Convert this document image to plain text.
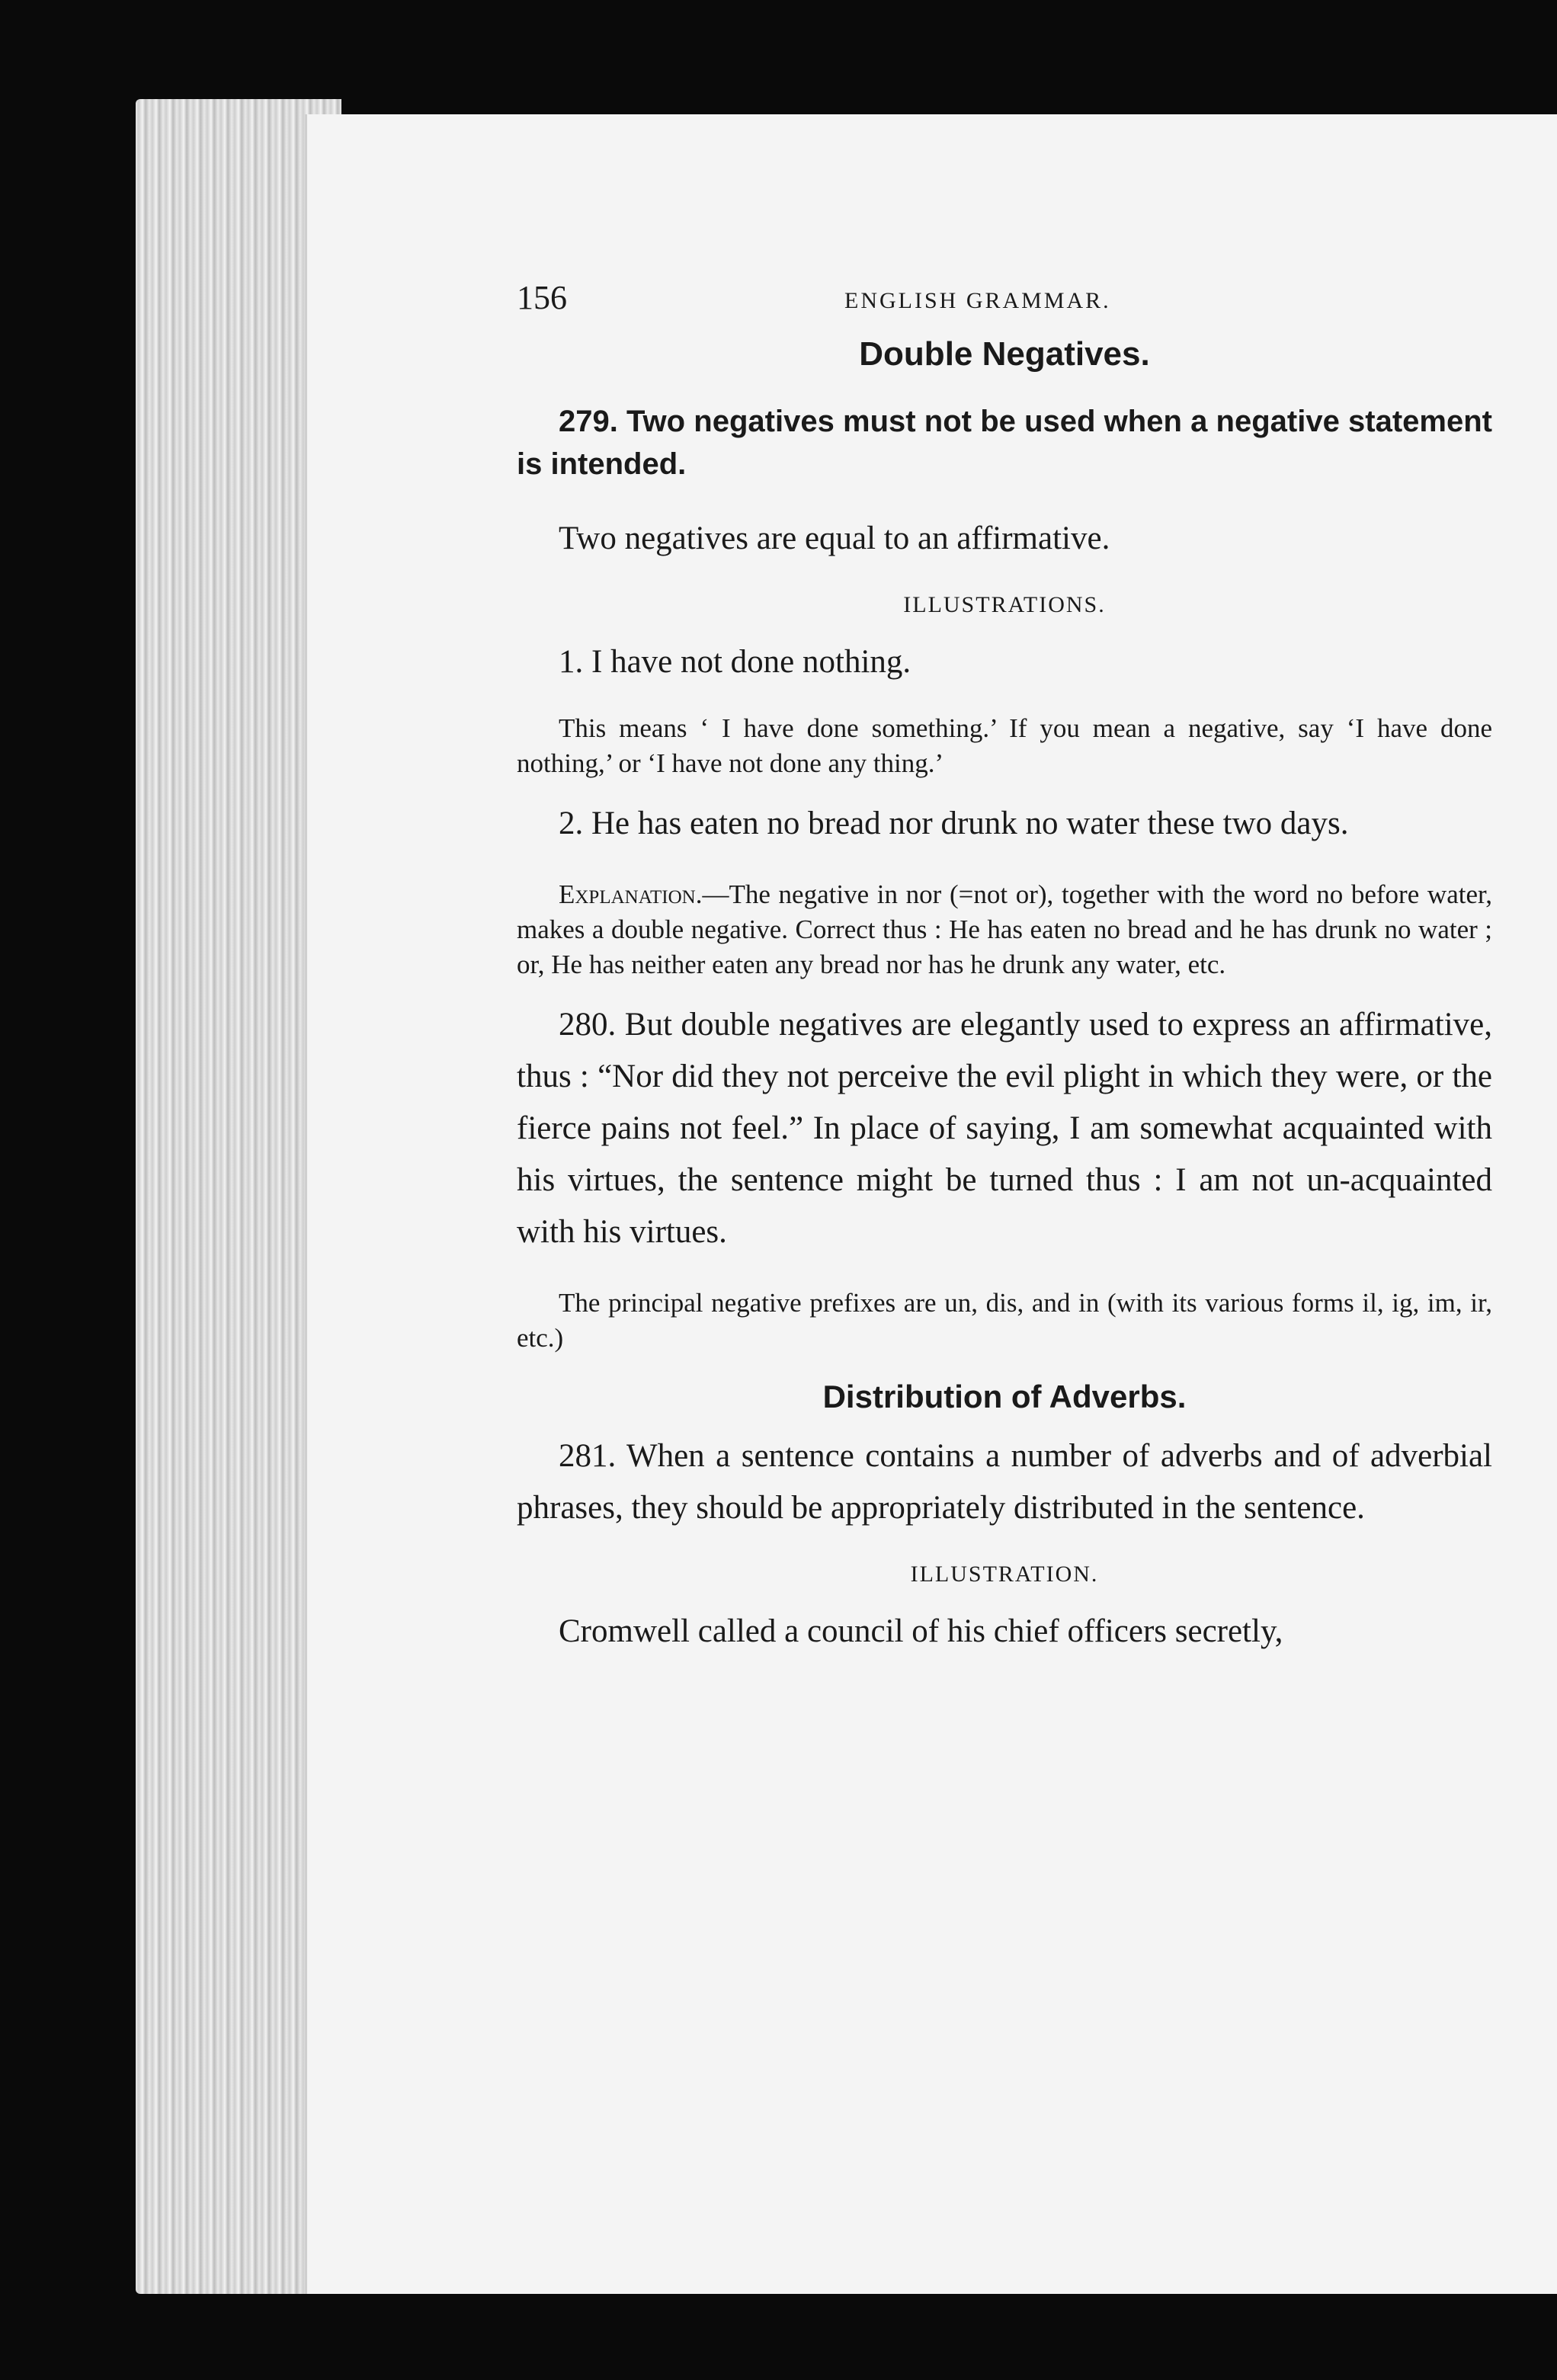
156	ENGLISH GRAMMAR.
Double Negatives.

279. Two negatives must not be used when a negative statement is intended.

Two negatives are equal to an affirmative.

ILLUSTRATIONS.

1. I have not done nothing.

This means ‘ I have done something.’ If you mean a negative, say ‘I have done nothing,’ or ‘I have not done any thing.’

2. He has eaten no bread nor drunk no water these two days.

Explanation.—The negative in nor (=not or), together with the word no before water, makes a double negative. Correct thus : He has eaten no bread and he has drunk no water ; or, He has neither eaten any bread nor has he drunk any water, etc.

280. But double negatives are elegantly used to express an affirmative, thus : “Nor did they not perceive the evil plight in which they were, or the fierce pains not feel.” In place of saying, I am somewhat acquainted with his virtues, the sentence might be turned thus : I am not un-acquainted with his virtues.

The principal negative prefixes are un, dis, and in (with its various forms il, ig, im, ir, etc.)

Distribution of Adverbs.

281. When a sentence contains a number of adverbs and of adverbial phrases, they should be appropriately distributed in the sentence.

ILLUSTRATION.

Cromwell called a council of his chief officers secretly,
